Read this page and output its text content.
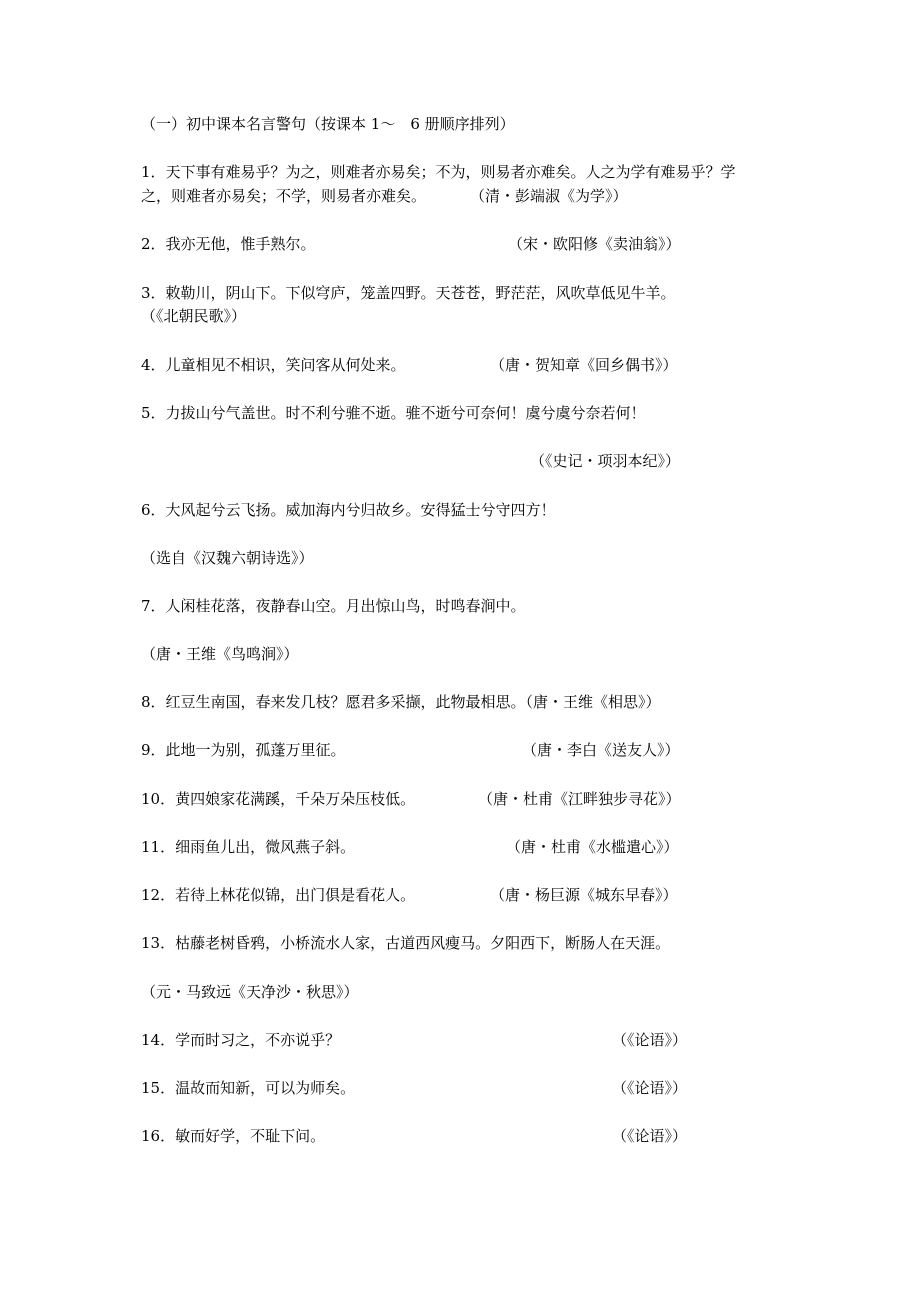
（一）初中课本名言警句（按课本 1～　6 册顺序排列）
1．天下事有难易乎？为之，则难者亦易矣；不为，则易者亦难矣。人之为学有难易乎？学
之，则难者亦易矣；不学，则易者亦难矣。	（清・彭端淑《为学》）
2．我亦无他，惟手熟尔。	（宋・欧阳修《卖油翁》）
3．敕勒川，阴山下。下似穹庐，笼盖四野。天苍苍，野茫茫，风吹草低见牛羊。
（《北朝民歌》）
4．儿童相见不相识，笑问客从何处来。	（唐・贺知章《回乡偶书》）
5．力拔山兮气盖世。时不利兮骓不逝。骓不逝兮可奈何！虞兮虞兮奈若何！
（《史记・项羽本纪》）
6．大风起兮云飞扬。威加海内兮归故乡。安得猛士兮守四方！
（选自《汉魏六朝诗选》）
7．人闲桂花落，夜静春山空。月出惊山鸟，时鸣春涧中。
（唐・王维《鸟鸣涧》）
8．红豆生南国，春来发几枝？愿君多采撷，此物最相思。（唐・王维《相思》）
9．此地一为别，孤蓬万里征。	（唐・李白《送友人》）
10．黄四娘家花满蹊，千朵万朵压枝低。	（唐・杜甫《江畔独步寻花》）
11．细雨鱼儿出，微风燕子斜。	（唐・杜甫《水槛遣心》）
12．若待上林花似锦，出门俱是看花人。	（唐・杨巨源《城东早春》）
13．枯藤老树昏鸦，小桥流水人家，古道西风瘦马。夕阳西下，断肠人在天涯。
（元・马致远《天净沙・秋思》）
14．学而时习之，不亦说乎？	（《论语》）
15．温故而知新，可以为师矣。	（《论语》）
16．敏而好学，不耻下问。	（《论语》）
